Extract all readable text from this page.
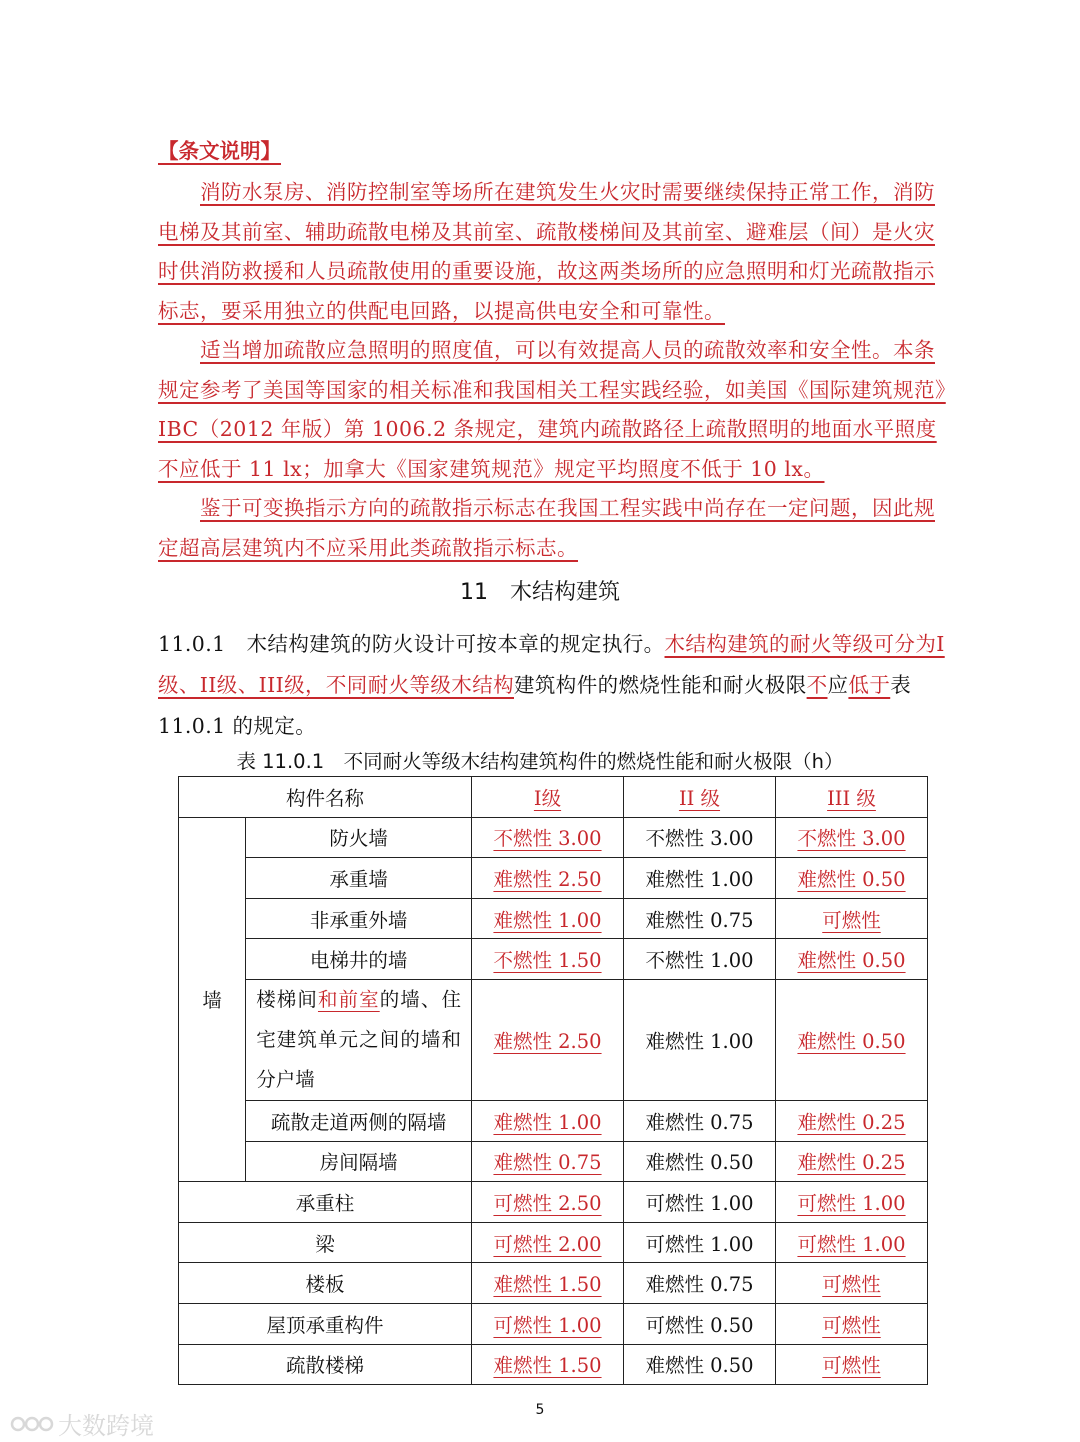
【条文说明】
消防水泵房、消防控制室等场所在建筑发生火灾时需要继续保持正常工作，消防电梯及其前室、辅助疏散电梯及其前室、疏散楼梯间及其前室、避难层（间）是火灾时供消防救援和人员疏散使用的重要设施，故这两类场所的应急照明和灯光疏散指示标志，要采用独立的供配电回路，以提高供电安全和可靠性。
适当增加疏散应急照明的照度值，可以有效提高人员的疏散效率和安全性。本条规定参考了美国等国家的相关标准和我国相关工程实践经验，如美国《国际建筑规范》IBC（2012 年版）第 1006.2 条规定，建筑内疏散路径上疏散照明的地面水平照度不应低于 11 lx；加拿大《国家建筑规范》规定平均照度不低于 10 lx。
鉴于可变换指示方向的疏散指示标志在我国工程实践中尚存在一定问题，因此规定超高层建筑内不应采用此类疏散指示标志。
11　木结构建筑
11.0.1　 木结构建筑的防火设计可按本章的规定执行。木结构建筑的耐火等级可分为I级、II级、III级，不同耐火等级木结构建筑构件的燃烧性能和耐火极限不应低于表 11.0.1 的规定。
表 11.0.1　不同耐火等级木结构建筑构件的燃烧性能和耐火极限（h）
构件名称		I级	II 级	III 级
墙	防火墙	不燃性 3.00	不燃性 3.00	不燃性 3.00
	承重墙	难燃性 2.50	难燃性 1.00	难燃性 0.50
	非承重外墙	难燃性 1.00	难燃性 0.75	可燃性
	电梯井的墙	不燃性 1.50	不燃性 1.00	难燃性 0.50

	楼梯间和前室的墙、住宅建筑单元之间的墙和分户墙	难燃性 2.50	难燃性 1.00	难燃性 0.50
	疏散走道两侧的隔墙	难燃性 1.00	难燃性 0.75	难燃性 0.25
	房间隔墙	难燃性 0.75	难燃性 0.50	难燃性 0.25
承重柱		可燃性 2.50	可燃性 1.00	可燃性 1.00
梁		可燃性 2.00	可燃性 1.00	可燃性 1.00
楼板		难燃性 1.50	难燃性 0.75	可燃性
屋顶承重构件		可燃性 1.00	可燃性 0.50	可燃性
疏散楼梯		难燃性 1.50	难燃性 0.50	可燃性
5
大数跨境
